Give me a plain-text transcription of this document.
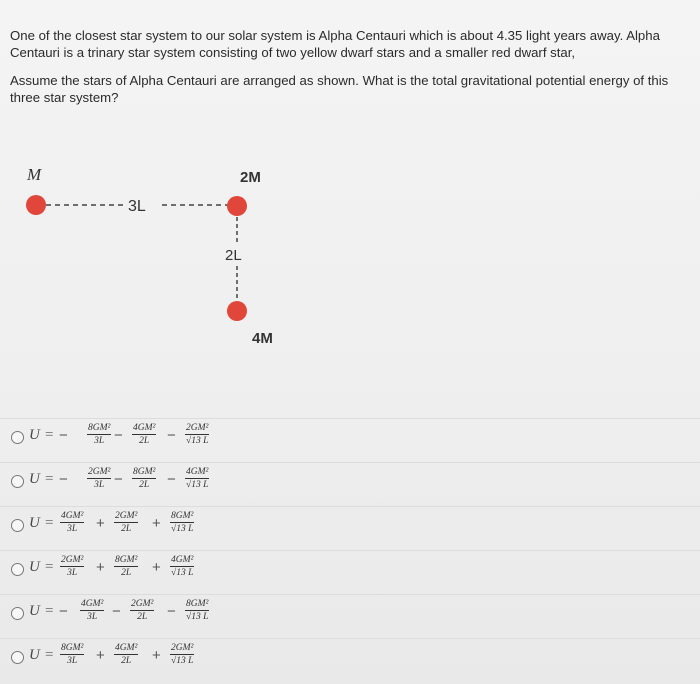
One of the closest star system to our solar system is Alpha Centauri which is about 4.35 light years away. Alpha Centauri is a trinary star system consisting of two yellow dwarf stars and a smaller red dwarf star,

Assume the stars of Alpha Centauri are arranged as shown. What is the total gravitational potential energy of this three star system?

M	2M
4M
3L
2L
U = − $\frac{\text{8GM²}}{3L} - \frac{\text{4GM²}}{2L} - \frac{\text{2GM²}}{√13 L}$
U = − $\frac{\text{2GM²}}{3L} - \frac{\text{8GM²}}{2L} - \frac{\text{4GM²}}{√13 L}$
$U = \frac{\text{4GM²}}{3L} + \frac{\text{2GM²}}{2L} + \frac{\text{8GM²}}{√13 L}$
$U = \frac{\text{2GM²}}{3L} + \frac{\text{8GM²}}{2L} + \frac{\text{4GM²}}{√13 L}$
U = − $\frac{\text{4GM²}}{3L} - \frac{\text{2GM²}}{2L} - \frac{\text{8GM²}}{√13 L}$
$U = \frac{\text{8GM²}}{3L} + \frac{\text{4GM²}}{2L} + \frac{\text{2GM²}}{√13 L}$
